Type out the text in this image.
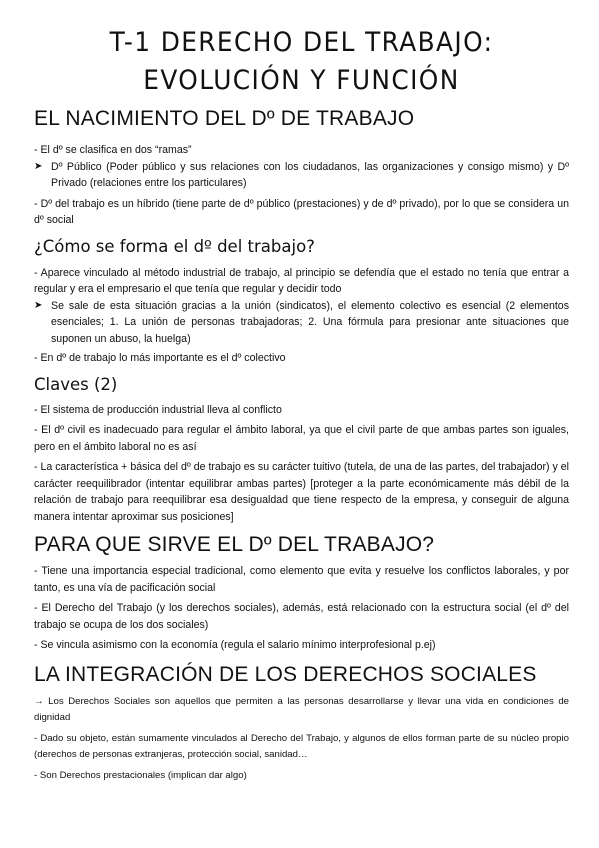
T-1 DERECHO DEL TRABAJO:
EVOLUCIÓN Y FUNCIÓN
EL NACIMIENTO DEL Dº DE TRABAJO

- El dº se clasifica en dos “ramas”

➤ Dº Público (Poder público y sus relaciones con los ciudadanos, las organizaciones y consigo mismo) y Dº Privado (relaciones entre los particulares)

- Dº del trabajo es un híbrido (tiene parte de dº público (prestaciones) y de dº privado), por lo que se considera un dº social

¿Cómo se forma el dº del trabajo?

- Aparece vinculado al método industrial de trabajo, al principio se defendía que el estado no tenía que entrar a regular y era el empresario el que tenía que regular y decidir todo

➤ Se sale de esta situación gracias a la unión (sindicatos), el elemento colectivo es esencial (2 elementos esenciales; 1. La unión de personas trabajadoras; 2. Una fórmula para presionar ante situaciones que suponen un abuso, la huelga)

- En dº de trabajo lo más importante es el dº colectivo

Claves (2)

- El sistema de producción industrial lleva al conflicto

- El dº civil es inadecuado para regular el ámbito laboral, ya que el civil parte de que ambas partes son iguales, pero en el ámbito laboral no es así

- La característica + básica del dº de trabajo es su carácter tuitivo (tutela, de una de las partes, del trabajador) y el carácter reequilibrador (intentar equilibrar ambas partes) [proteger a la parte económicamente más débil de la relación de trabajo para reequilibrar esa desigualdad que tiene respecto de la empresa, y conseguir de alguna manera intentar aproximar sus posiciones]

PARA QUE SIRVE EL Dº DEL TRABAJO?

- Tiene una importancia especial tradicional, como elemento que evita y resuelve los conflictos laborales, y por tanto, es una vía de pacificación social

- El Derecho del Trabajo (y los derechos sociales), además, está relacionado con la estructura social (el dº del trabajo se ocupa de los dos sociales)

- Se vincula asimismo con la economía (regula el salario mínimo interprofesional p.ej)

LA INTEGRACIÓN DE LOS DERECHOS SOCIALES

→ Los Derechos Sociales son aquellos que permiten a las personas desarrollarse y llevar una vida en condiciones de dignidad

- Dado su objeto, están sumamente vinculados al Derecho del Trabajo, y algunos de ellos forman parte de su núcleo propio (derechos de personas extranjeras, protección social, sanidad…

- Son Derechos prestacionales (implican dar algo)
